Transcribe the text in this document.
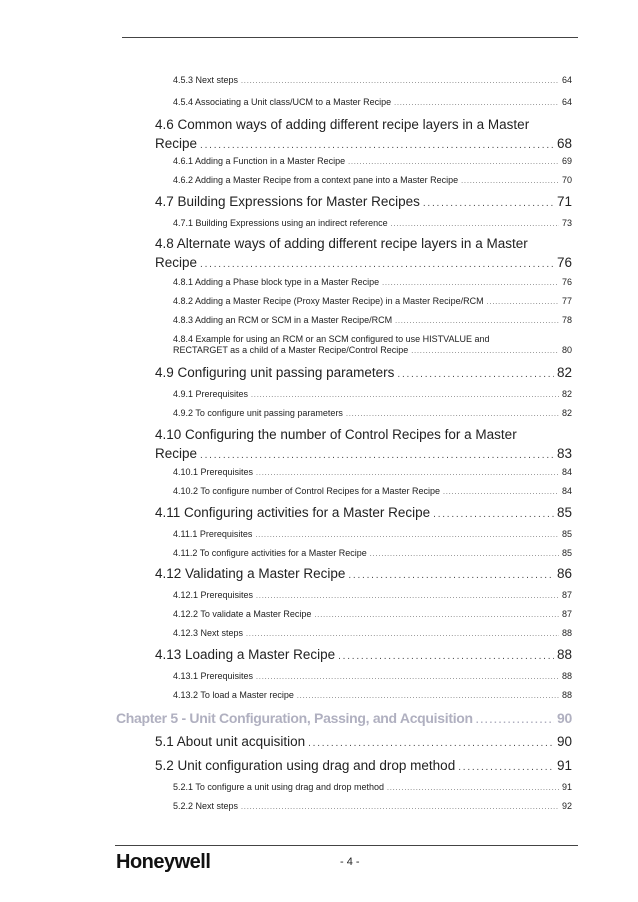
4.5.3 Next steps . . .	64
4.5.4 Associating a Unit class/UCM to a Master Recipe . . .	64
4.6 Common ways of adding different recipe layers in a Master
Recipe . . .	68
4.6.1 Adding a Function in a Master Recipe . . .	69
4.6.2 Adding a Master Recipe from a context pane into a Master Recipe . . .	70
4.7 Building Expressions for Master Recipes . . .	71
4.7.1 Building Expressions using an indirect reference . . .	73
4.8 Alternate ways of adding different recipe layers in a Master
Recipe . . .	76
4.8.1 Adding a Phase block type in a Master Recipe . . .	76
4.8.2 Adding a Master Recipe (Proxy Master Recipe) in a Master Recipe/RCM . . .	77
4.8.3 Adding an RCM or SCM in a Master Recipe/RCM . . .	78
4.8.4 Example for using an RCM or an SCM configured to use HISTVALUE and
RECTARGET as a child of a Master Recipe/Control Recipe . . .	80
4.9 Configuring unit passing parameters . . .	82
4.9.1 Prerequisites . . .	82
4.9.2 To configure unit passing parameters . . .	82
4.10 Configuring the number of Control Recipes for a Master
Recipe . . .	83
4.10.1 Prerequisites . . .	84
4.10.2 To configure number of Control Recipes for a Master Recipe . . .	84
4.11 Configuring activities for a Master Recipe . . .	85
4.11.1 Prerequisites . . .	85
4.11.2 To configure activities for a Master Recipe . . .	85
4.12 Validating a Master Recipe . . .	86
4.12.1 Prerequisites . . .	87
4.12.2 To validate a Master Recipe . . .	87
4.12.3 Next steps . . .	88
4.13 Loading a Master Recipe . . .	88
4.13.1 Prerequisites . . .	88
4.13.2 To load a Master recipe . . .	88
Chapter 5 - Unit Configuration, Passing, and Acquisition . . .	90
5.1 About unit acquisition . . .	90
5.2 Unit configuration using drag and drop method . . .	91
5.2.1 To configure a unit using drag and drop method . . .	91
5.2.2 Next steps . . .	92
Honeywell	- 4 -
